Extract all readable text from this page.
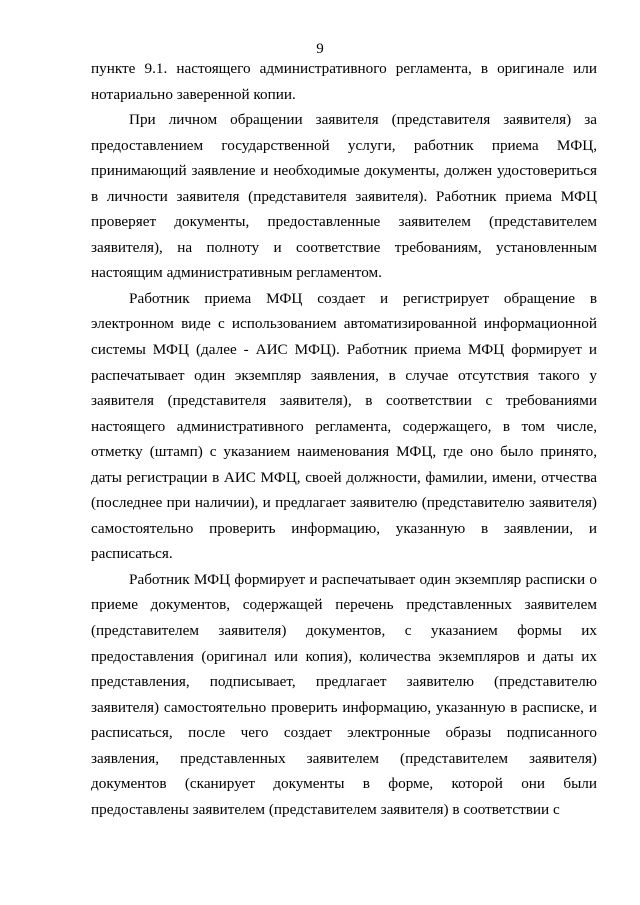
9
пункте 9.1. настоящего административного регламента, в оригинале или
нотариально заверенной копии.
При личном обращении заявителя (представителя заявителя) за
предоставлением государственной услуги, работник приема МФЦ,
принимающий заявление и необходимые документы, должен удостовериться
в личности заявителя (представителя заявителя). Работник приема МФЦ
проверяет документы, предоставленные заявителем (представителем
заявителя), на полноту и соответствие требованиям, установленным
настоящим административным регламентом.
Работник приема МФЦ создает и регистрирует обращение в
электронном виде с использованием автоматизированной информационной
системы МФЦ (далее - АИС МФЦ). Работник приема МФЦ формирует и
распечатывает один экземпляр заявления, в случае отсутствия такого у
заявителя (представителя заявителя), в соответствии с требованиями
настоящего административного регламента, содержащего, в том числе,
отметку (штамп) с указанием наименования МФЦ, где оно было принято,
даты регистрации в АИС МФЦ, своей должности, фамилии, имени, отчества
(последнее при наличии), и предлагает заявителю (представителю заявителя)
самостоятельно проверить информацию, указанную в заявлении, и
расписаться.
Работник МФЦ формирует и распечатывает один экземпляр расписки о
приеме документов, содержащей перечень представленных заявителем
(представителем заявителя) документов, с указанием формы их
предоставления (оригинал или копия), количества экземпляров и даты их
представления, подписывает, предлагает заявителю (представителю
заявителя) самостоятельно проверить информацию, указанную в расписке, и
расписаться, после чего создает электронные образы подписанного
заявления, представленных заявителем (представителем заявителя)
документов (сканирует документы в форме, которой они были
предоставлены заявителем (представителем заявителя) в соответствии с
